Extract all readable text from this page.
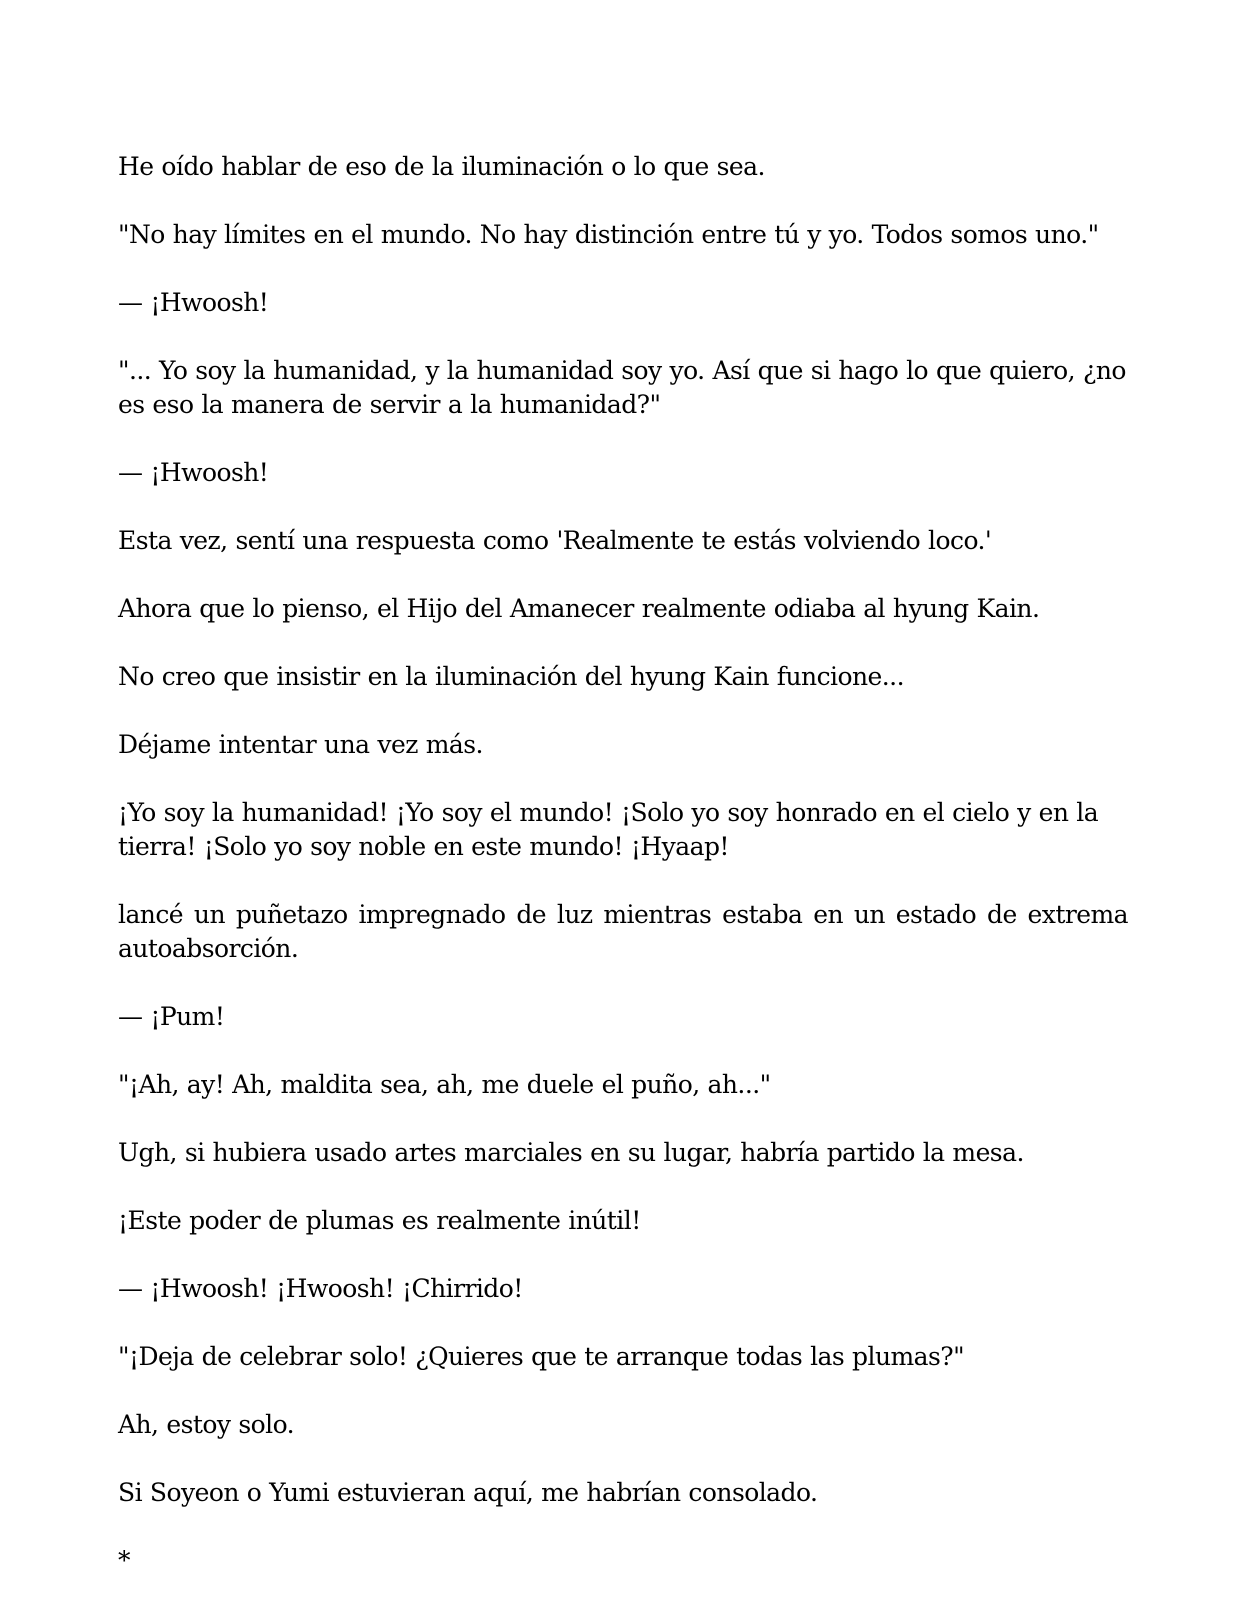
He oído hablar de eso de la iluminación o lo que sea.

"No hay límites en el mundo. No hay distinción entre tú y yo. Todos somos uno."

— ¡Hwoosh!

"... Yo soy la humanidad, y la humanidad soy yo. Así que si hago lo que quiero, ¿no es eso la manera de servir a la humanidad?"

— ¡Hwoosh!

Esta vez, sentí una respuesta como 'Realmente te estás volviendo loco.'

Ahora que lo pienso, el Hijo del Amanecer realmente odiaba al hyung Kain.

No creo que insistir en la iluminación del hyung Kain funcione...

Déjame intentar una vez más.

¡Yo soy la humanidad! ¡Yo soy el mundo! ¡Solo yo soy honrado en el cielo y en la tierra! ¡Solo yo soy noble en este mundo! ¡Hyaap!

lancé un puñetazo impregnado de luz mientras estaba en un estado de extrema autoabsorción.

— ¡Pum!

"¡Ah, ay! Ah, maldita sea, ah, me duele el puño, ah..."

Ugh, si hubiera usado artes marciales en su lugar, habría partido la mesa.

¡Este poder de plumas es realmente inútil!

— ¡Hwoosh! ¡Hwoosh! ¡Chirrido!

"¡Deja de celebrar solo! ¿Quieres que te arranque todas las plumas?"

Ah, estoy solo.

Si Soyeon o Yumi estuvieran aquí, me habrían consolado.

*
